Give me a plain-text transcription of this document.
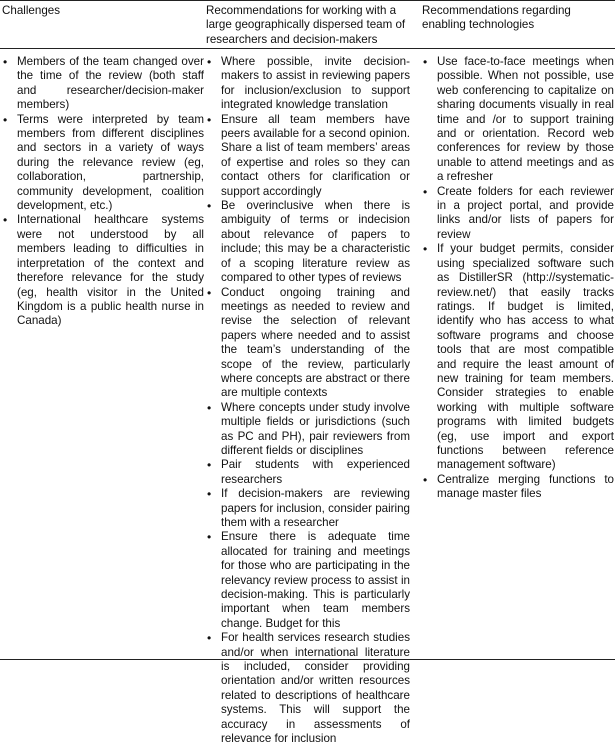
Challenges	Recommendations for working with a large geographically dispersed team of researchers and decision-makers
Recommendations regarding enabling technologies
• Members of the team changed over the time of the review (both staff and researcher/decision-maker members)
• Terms were interpreted by team members from different disciplines and sectors in a variety of ways during the relevance review (eg, collaboration, partnership, community development, coalition development, etc.)
• International healthcare systems were not understood by all members leading to difficulties in interpretation of the context and therefore relevance for the study (eg, health visitor in the United Kingdom is a public health nurse in Canada)
• Where possible, invite decision-makers to assist in reviewing papers for inclusion/exclusion to support integrated knowledge translation
• Ensure all team members have peers available for a second opinion. Share a list of team members’ areas of expertise and roles so they can contact others for clarification or support accordingly
• Be overinclusive when there is ambiguity of terms or indecision about relevance of papers to include; this may be a characteristic of a scoping literature review as compared to other types of reviews
• Conduct ongoing training and meetings as needed to review and revise the selection of relevant papers where needed and to assist the team’s understanding of the scope of the review, particularly where concepts are abstract or there are multiple contexts
• Where concepts under study involve multiple fields or jurisdictions (such as PC and PH), pair reviewers from different fields or disciplines
• Pair students with experienced researchers
• If decision-makers are reviewing papers for inclusion, consider pairing them with a researcher
• Ensure there is adequate time allocated for training and meetings for those who are participating in the relevancy review process to assist in decision-making. This is particularly important when team members change. Budget for this
• For health services research studies and/or when international literature is included, consider providing orientation and/or written resources related to descriptions of healthcare systems. This will support the accuracy in assessments of relevance for inclusion
• Use face-to-face meetings when possible. When not possible, use web conferencing to capitalize on sharing documents visually in real time and /or to support training and or orientation. Record web conferences for review by those unable to attend meetings and as a refresher
• Create folders for each reviewer in a project portal, and provide links and/or lists of papers for review
• If your budget permits, consider using specialized software such as DistillerSR (http://systematic-review.net/) that easily tracks ratings. If budget is limited, identify who has access to what software programs and choose tools that are most compatible and require the least amount of new training for team members. Consider strategies to enable working with multiple software programs with limited budgets (eg, use import and export functions between reference management software)
• Centralize merging functions to manage master files
